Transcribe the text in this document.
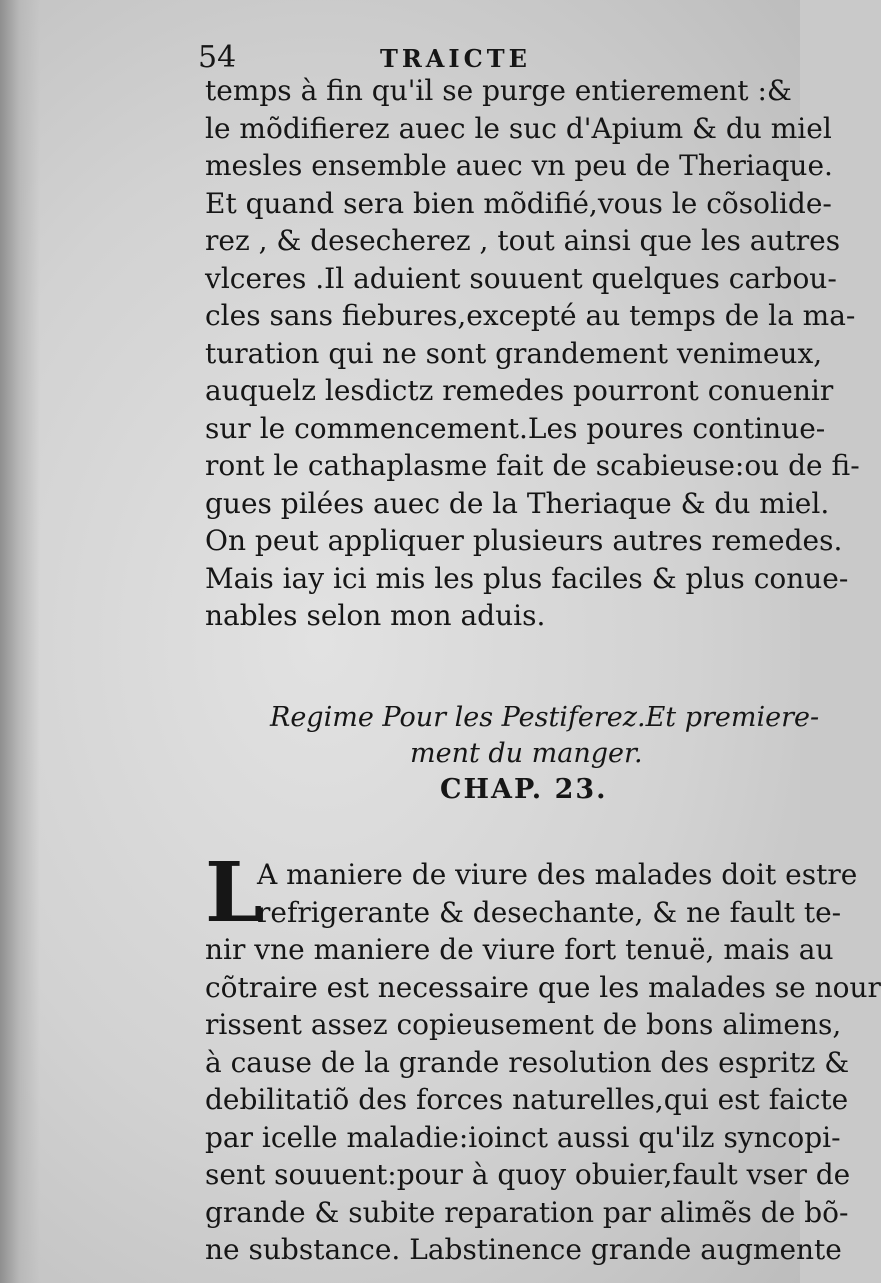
54	TRAICTE
temps à fin qu'il se purge entierement :&
le mõdifierez auec le suc d'Apium & du miel
mesles ensemble auec vn peu de Theriaque.
Et quand sera bien mõdifié,vous le cõsolide-
rez , & desecherez , tout ainsi que les autres
vlceres .Il aduient souuent quelques carbou-
cles sans fiebures,excepté au temps de la ma-
turation qui ne sont grandement venimeux,
auquelz lesdictz remedes pourront conuenir
sur le commencement.Les poures continue-
ront le cathaplasme fait de scabieuse:ou de fi-
gues pilées auec de la Theriaque & du miel.
On peut appliquer plusieurs autres remedes.
Mais iay ici mis les plus faciles & plus conue-
nables selon mon aduis.
Regime Pour les Pestiferez.Et premiere-
ment du manger.
CHAP. 23.
L
A maniere de viure des malades doit estre
refrigerante & desechante, & ne fault te-
nir vne maniere de viure fort tenuë, mais au
cõtraire est necessaire que les malades se nour
rissent assez copieusement de bons alimens,
à cause de la grande resolution des espritz &
debilitatiõ des forces naturelles,qui est faicte
par icelle maladie:ioinct aussi qu'ilz syncopi-
sent souuent:pour à quoy obuier,fault vser de
grande & subite reparation par alimẽs de bõ-
ne substance. Labstinence grande augmente
